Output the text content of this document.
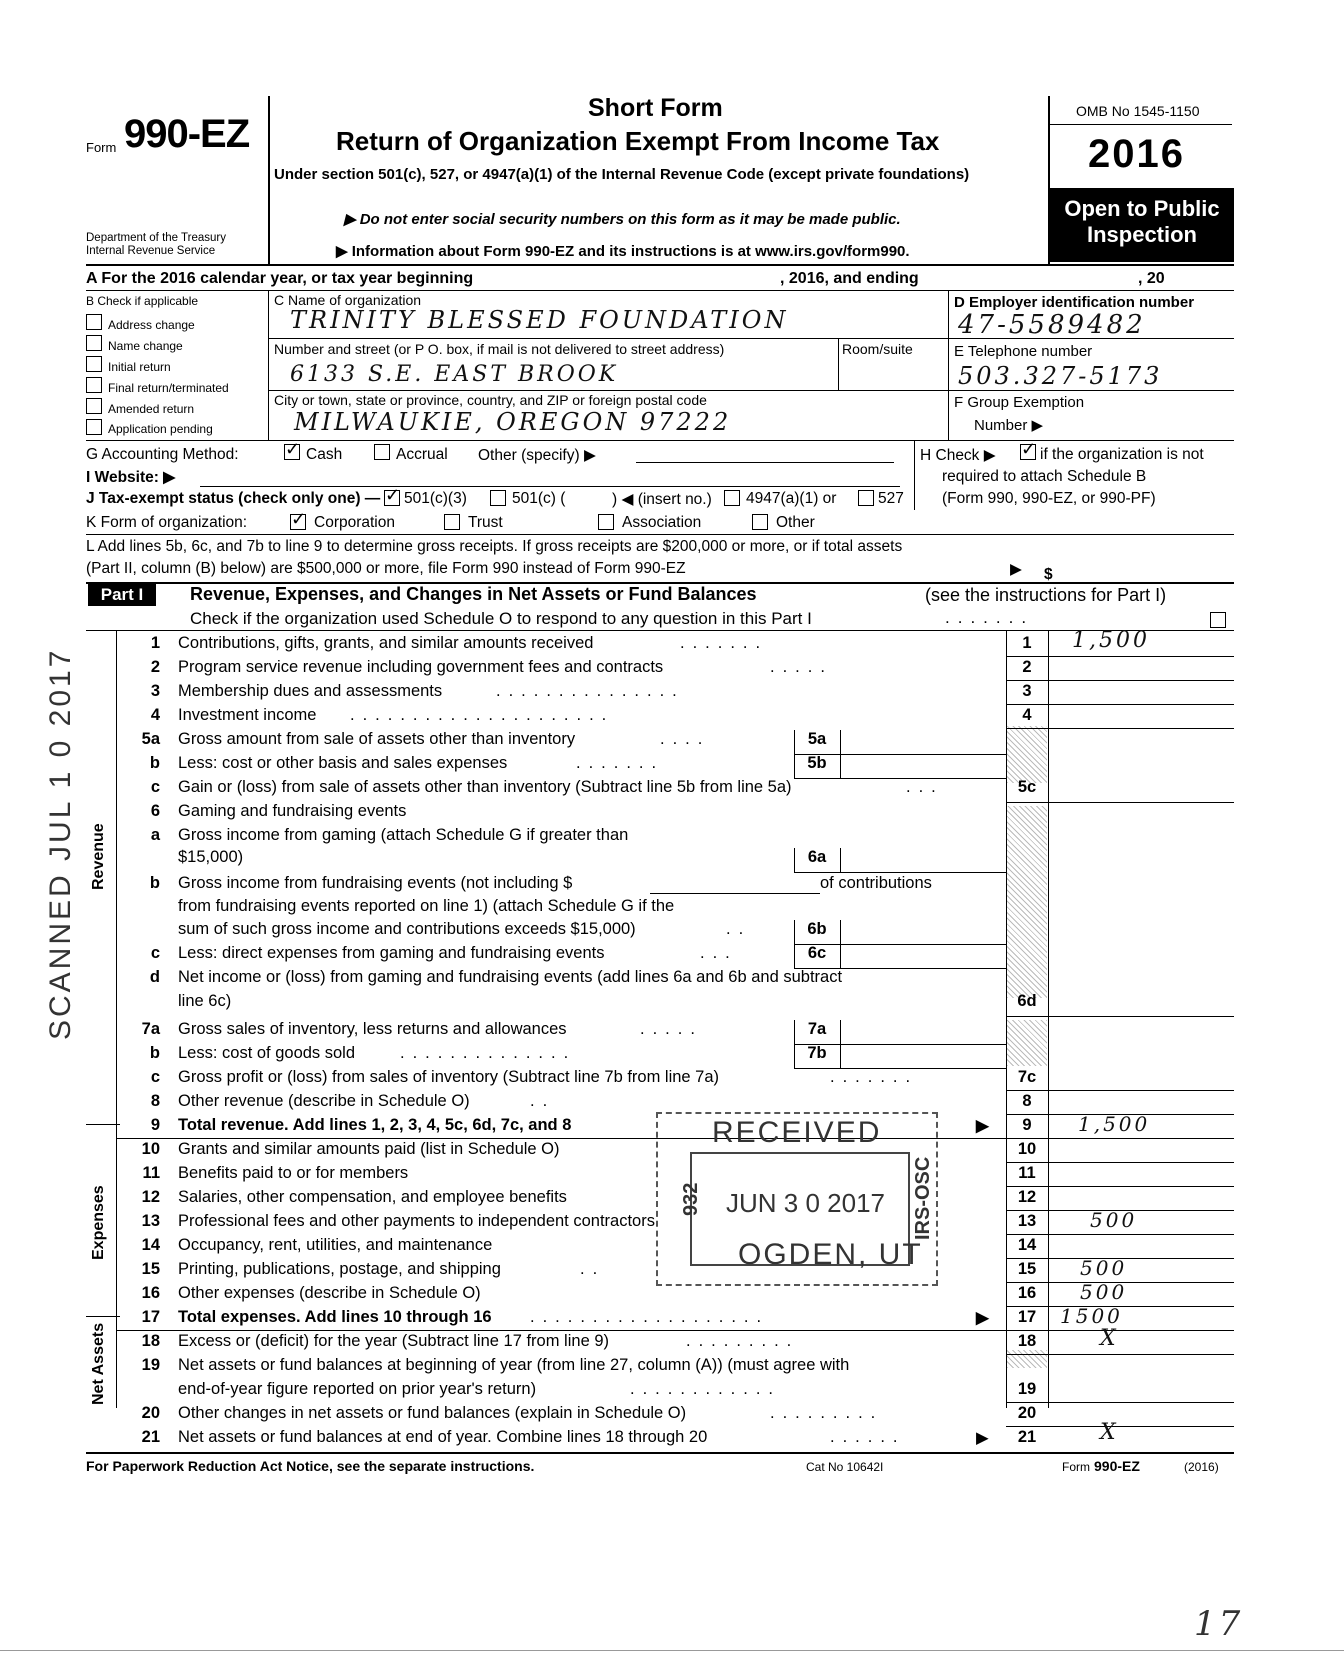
Form 990-EZ
Department of the Treasury
Internal Revenue Service
Short Form
Return of Organization Exempt From Income Tax
Under section 501(c), 527, or 4947(a)(1) of the Internal Revenue Code (except private foundations)
▶ Do not enter social security numbers on this form as it may be made public.
▶ Information about Form 990-EZ and its instructions is at www.irs.gov/form990.
OMB No 1545-1150
2016
Open to Public
Inspection
A For the 2016 calendar year, or tax year beginning	, 2016, and ending	, 20
B Check if applicable
Address change
Name change
Initial return
Final return/terminated
Amended return
Application pending
C Name of organization
TRINITY BLESSED FOUNDATION
Number and street (or P O. box, if mail is not delivered to street address)	Room/suite
6133 S.E. EAST BROOK
City or town, state or province, country, and ZIP or foreign postal code
MILWAUKIE, OREGON 97222
D Employer identification number
47-5589482
E Telephone number
503.327-5173
F Group Exemption
Number ▶
G Accounting Method:	✓ Cash	Accrual Other (specify) ▶	H Check ▶ ✓ if the organization is not
required to attach Schedule B
(Form 990, 990-EZ, or 990-PF)
I Website: ▶
J Tax-exempt status (check only one) — ✓ 501(c)(3)	501(c) (	) ◀ (insert no.) 4947(a)(1) or	527
K Form of organization: ✓ Corporation	Trust	Association	Other
L Add lines 5b, 6c, and 7b to line 9 to determine gross receipts. If gross receipts are $200,000 or more, or if total assets
(Part II, column (B) below) are $500,000 or more, file Form 990 instead of Form 990-EZ	▶ $
Part I	Revenue, Expenses, and Changes in Net Assets or Fund Balances	(see the instructions for Part I)
Check if the organization used Schedule O to respond to any question in this Part I	.......
Revenue
Expenses
Net Assets
1 Contributions, gifts, grants, and similar amounts received	.......	1	1,500
2 Program service revenue including government fees and contracts	.....	2
3 Membership dues and assessments	...............	3
4 Investment income .....................	4
5a Gross amount from sale of assets other than inventory	....	5a
b Less: cost or other basis and sales expenses	.......	5b
c Gain or (loss) from sale of assets other than inventory (Subtract line 5b from line 5a)	...	5c
6 Gaming and fundraising events
a Gross income from gaming (attach Schedule G if greater than
$15,000)	6a
b Gross income from fundraising events (not including $	of contributions
from fundraising events reported on line 1) (attach Schedule G if the
sum of such gross income and contributions exceeds $15,000)	..	6b
c Less: direct expenses from gaming and fundraising events	...	6c
d Net income or (loss) from gaming and fundraising events (add lines 6a and 6b and subtract
line 6c)	6d
7a Gross sales of inventory, less returns and allowances	.....	7a
b Less: cost of goods sold	..............	7b
c Gross profit or (loss) from sales of inventory (Subtract line 7b from line 7a)	.......	7c
8 Other revenue (describe in Schedule O)	..	8
9 Total revenue. Add lines 1, 2, 3, 4, 5c, 6d, 7c, and 8	▶	9	1,500
10 Grants and similar amounts paid (list in Schedule O)	10
11 Benefits paid to or for members	11
12 Salaries, other compensation, and employee benefits	12
13 Professional fees and other payments to independent contractors	13	500
14 Occupancy, rent, utilities, and maintenance	14
15 Printing, publications, postage, and shipping	..	15	500
16 Other expenses (describe in Schedule O)	16	500
17 Total expenses. Add lines 10 through 16 ...................	▶	17	1500
18 Excess or (deficit) for the year (Subtract line 17 from line 9)	.........	18	X
19 Net assets or fund balances at beginning of year (from line 27, column (A)) (must agree with
end-of-year figure reported on prior year's return)	............	19
20 Other changes in net assets or fund balances (explain in Schedule O)	.........	20
21 Net assets or fund balances at end of year. Combine lines 18 through 20	......	▶	21	X
For Paperwork Reduction Act Notice, see the separate instructions.	Cat No 10642I	Form 990-EZ	(2016)
SCANNED JUL 1 0 2017
RECEIVED
JUN 3 0 2017
OGDEN, UT
932	IRS-OSC
17
